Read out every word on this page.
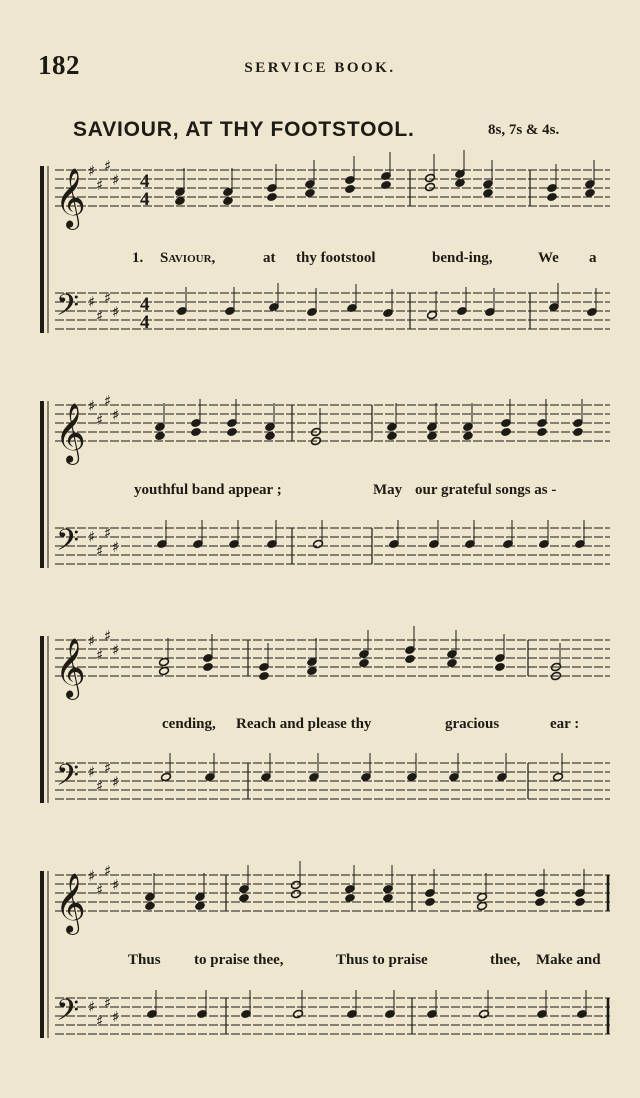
182	SERVICE BOOK.
SAVIOUR, AT THY FOOTSTOOL.	8s, 7s & 4s.
𝄞
𝄢
♯
♯
♯
♯
♯
♯
♯
♯
4
4
4
4
1. Saviour,	at thy footstool	bend-ing,	We a
𝄞
𝄢
♯
♯
♯
♯
♯
♯
♯
♯
youthful band appear ;	May our grateful songs as -
𝄞
𝄢
♯
♯
♯
♯
♯
♯
♯
♯
cending, Reach and please thy	gracious	ear :
𝄞
𝄢
♯
♯
♯
♯
♯
♯
♯
♯
Thus to praise thee,	Thus to praise	thee, Make and
